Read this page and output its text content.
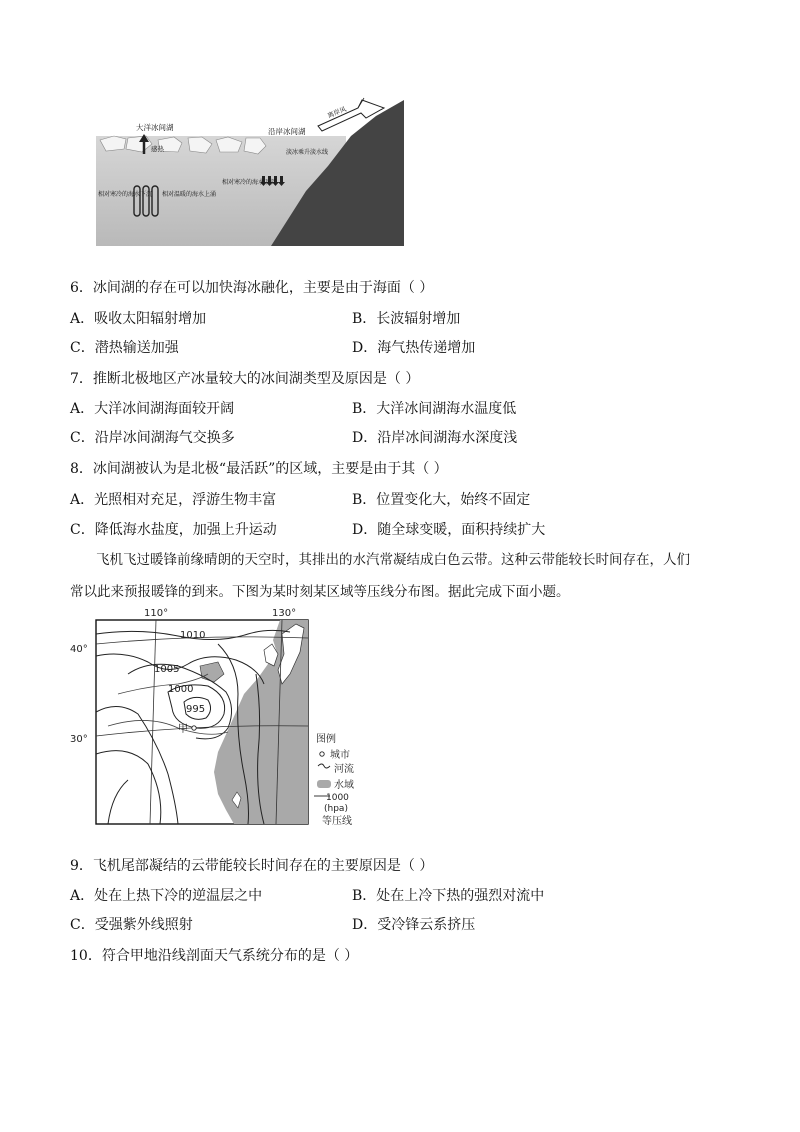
大洋冰间湖	沿岸冰间湖
离岸风
感热	淡冰乘升淡水线
相对寒冷的海水下沉 相对温暖的海水上涌
相对寒冷的海水下沉
6．冰间湖的存在可以加快海冰融化，主要是由于海面（ ）
A．吸收太阳辐射增加	B．长波辐射增加
C．潜热输送加强	D．海气热传递增加
7．推断北极地区产冰量较大的冰间湖类型及原因是（ ）
A．大洋冰间湖海面较开阔	B．大洋冰间湖海水温度低
C．沿岸冰间湖海气交换多	D．沿岸冰间湖海水深度浅
8．冰间湖被认为是北极“最活跃”的区域，主要是由于其（ ）
A．光照相对充足，浮游生物丰富	B．位置变化大，始终不固定
C．降低海水盐度，加强上升运动	D．随全球变暖，面积持续扩大
飞机飞过暖锋前缘晴朗的天空时，其排出的水汽常凝结成白色云带。这种云带能较长时间存在，人们
常以此来预报暖锋的到来。下图为某时刻某区域等压线分布图。据此完成下面小题。
110°	130°
40°
30°
1010
1005
1000
995
甲
图例
城市
河流
水域
1000
(hpa)
等压线
9．飞机尾部凝结的云带能较长时间存在的主要原因是（ ）
A．处在上热下冷的逆温层之中	B．处在上冷下热的强烈对流中
C．受强紫外线照射	D．受冷锋云系挤压
10．符合甲地沿线剖面天气系统分布的是（ ）
